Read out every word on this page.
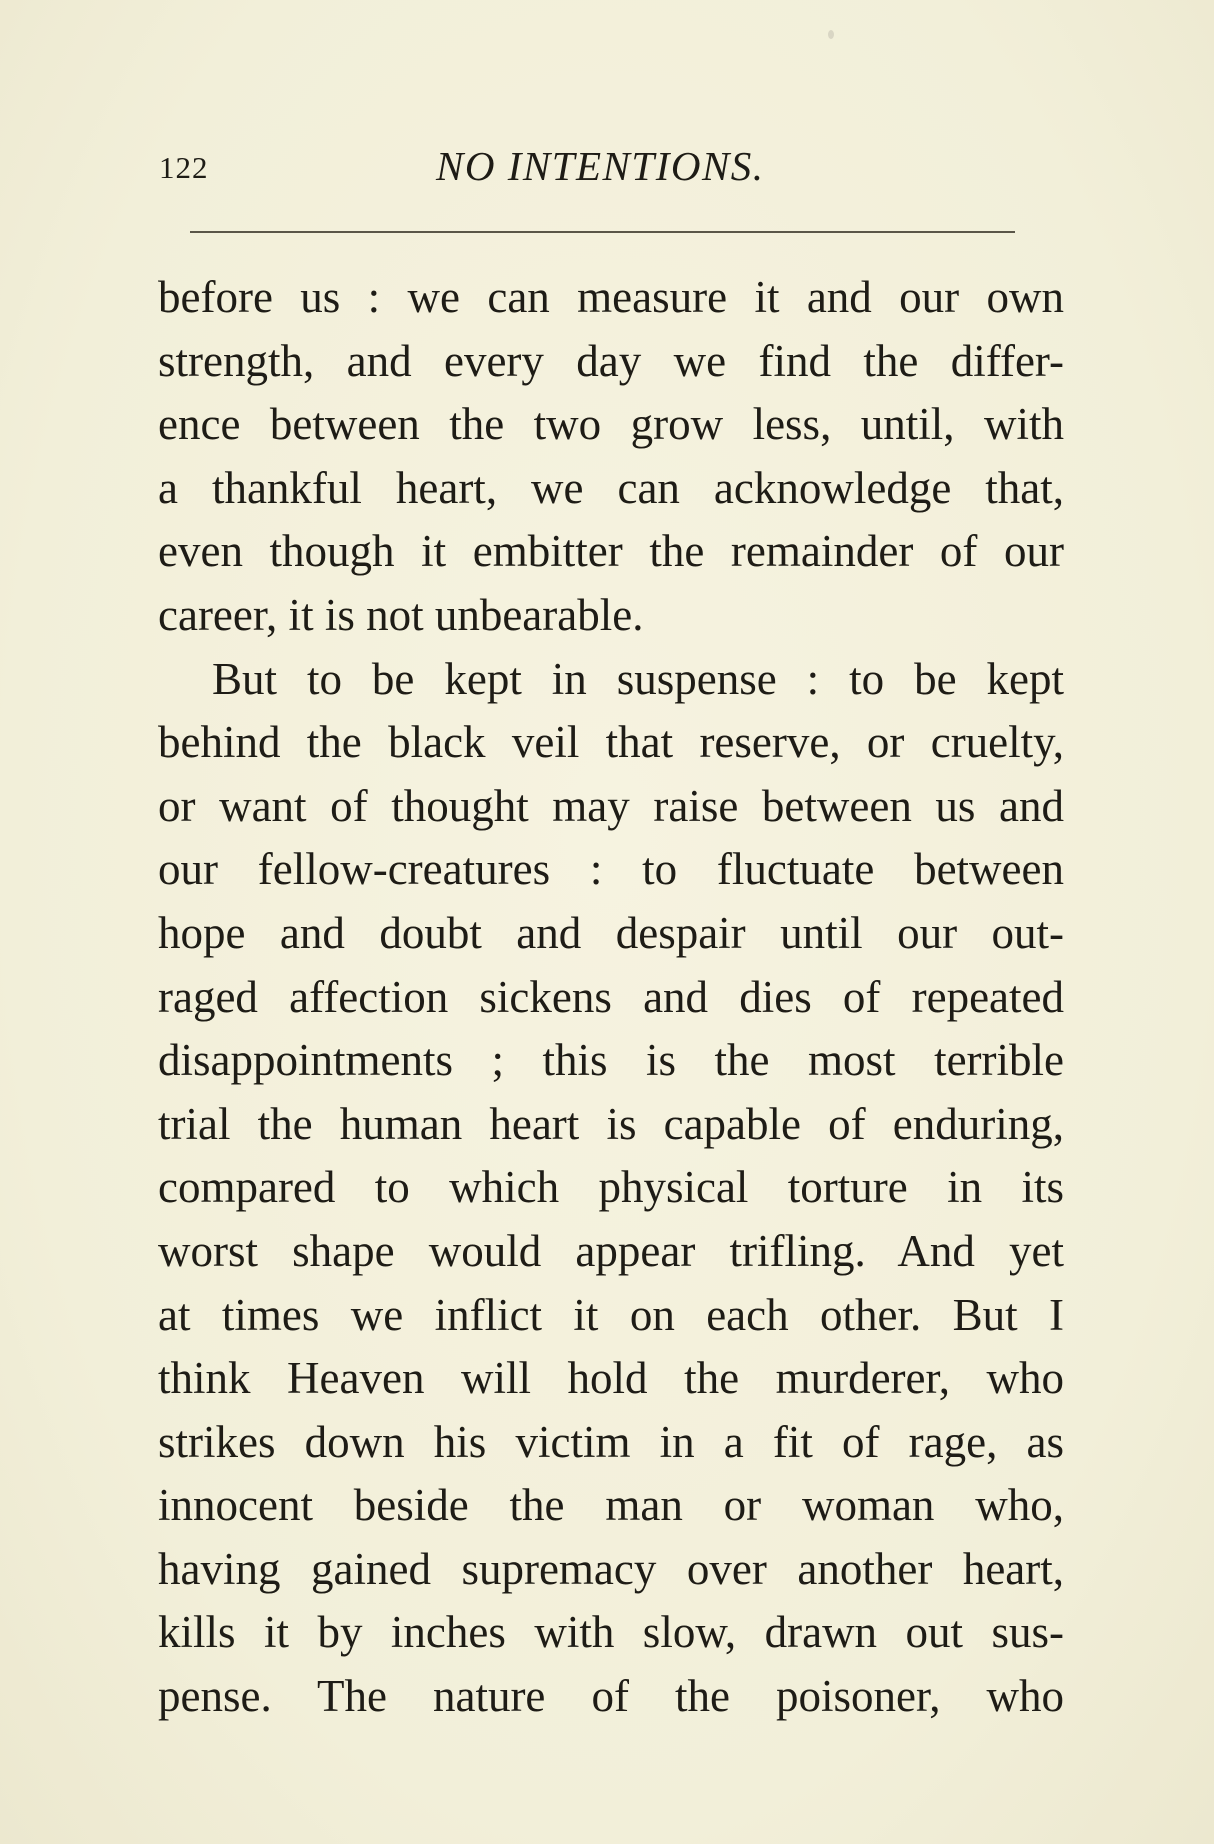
122	NO INTENTIONS.
before us : we can measure it and our own
strength, and every day we find the differ-
ence between the two grow less, until, with
a thankful heart, we can acknowledge that,
even though it embitter the remainder of our
career, it is not unbearable.
But to be kept in suspense : to be kept
behind the black veil that reserve, or cruelty,
or want of thought may raise between us and
our fellow-creatures : to fluctuate between
hope and doubt and despair until our out-
raged affection sickens and dies of repeated
disappointments ; this is the most terrible
trial the human heart is capable of enduring,
compared to which physical torture in its
worst shape would appear trifling. And yet
at times we inflict it on each other. But I
think Heaven will hold the murderer, who
strikes down his victim in a fit of rage, as
innocent beside the man or woman who,
having gained supremacy over another heart,
kills it by inches with slow, drawn out sus-
pense. The nature of the poisoner, who
